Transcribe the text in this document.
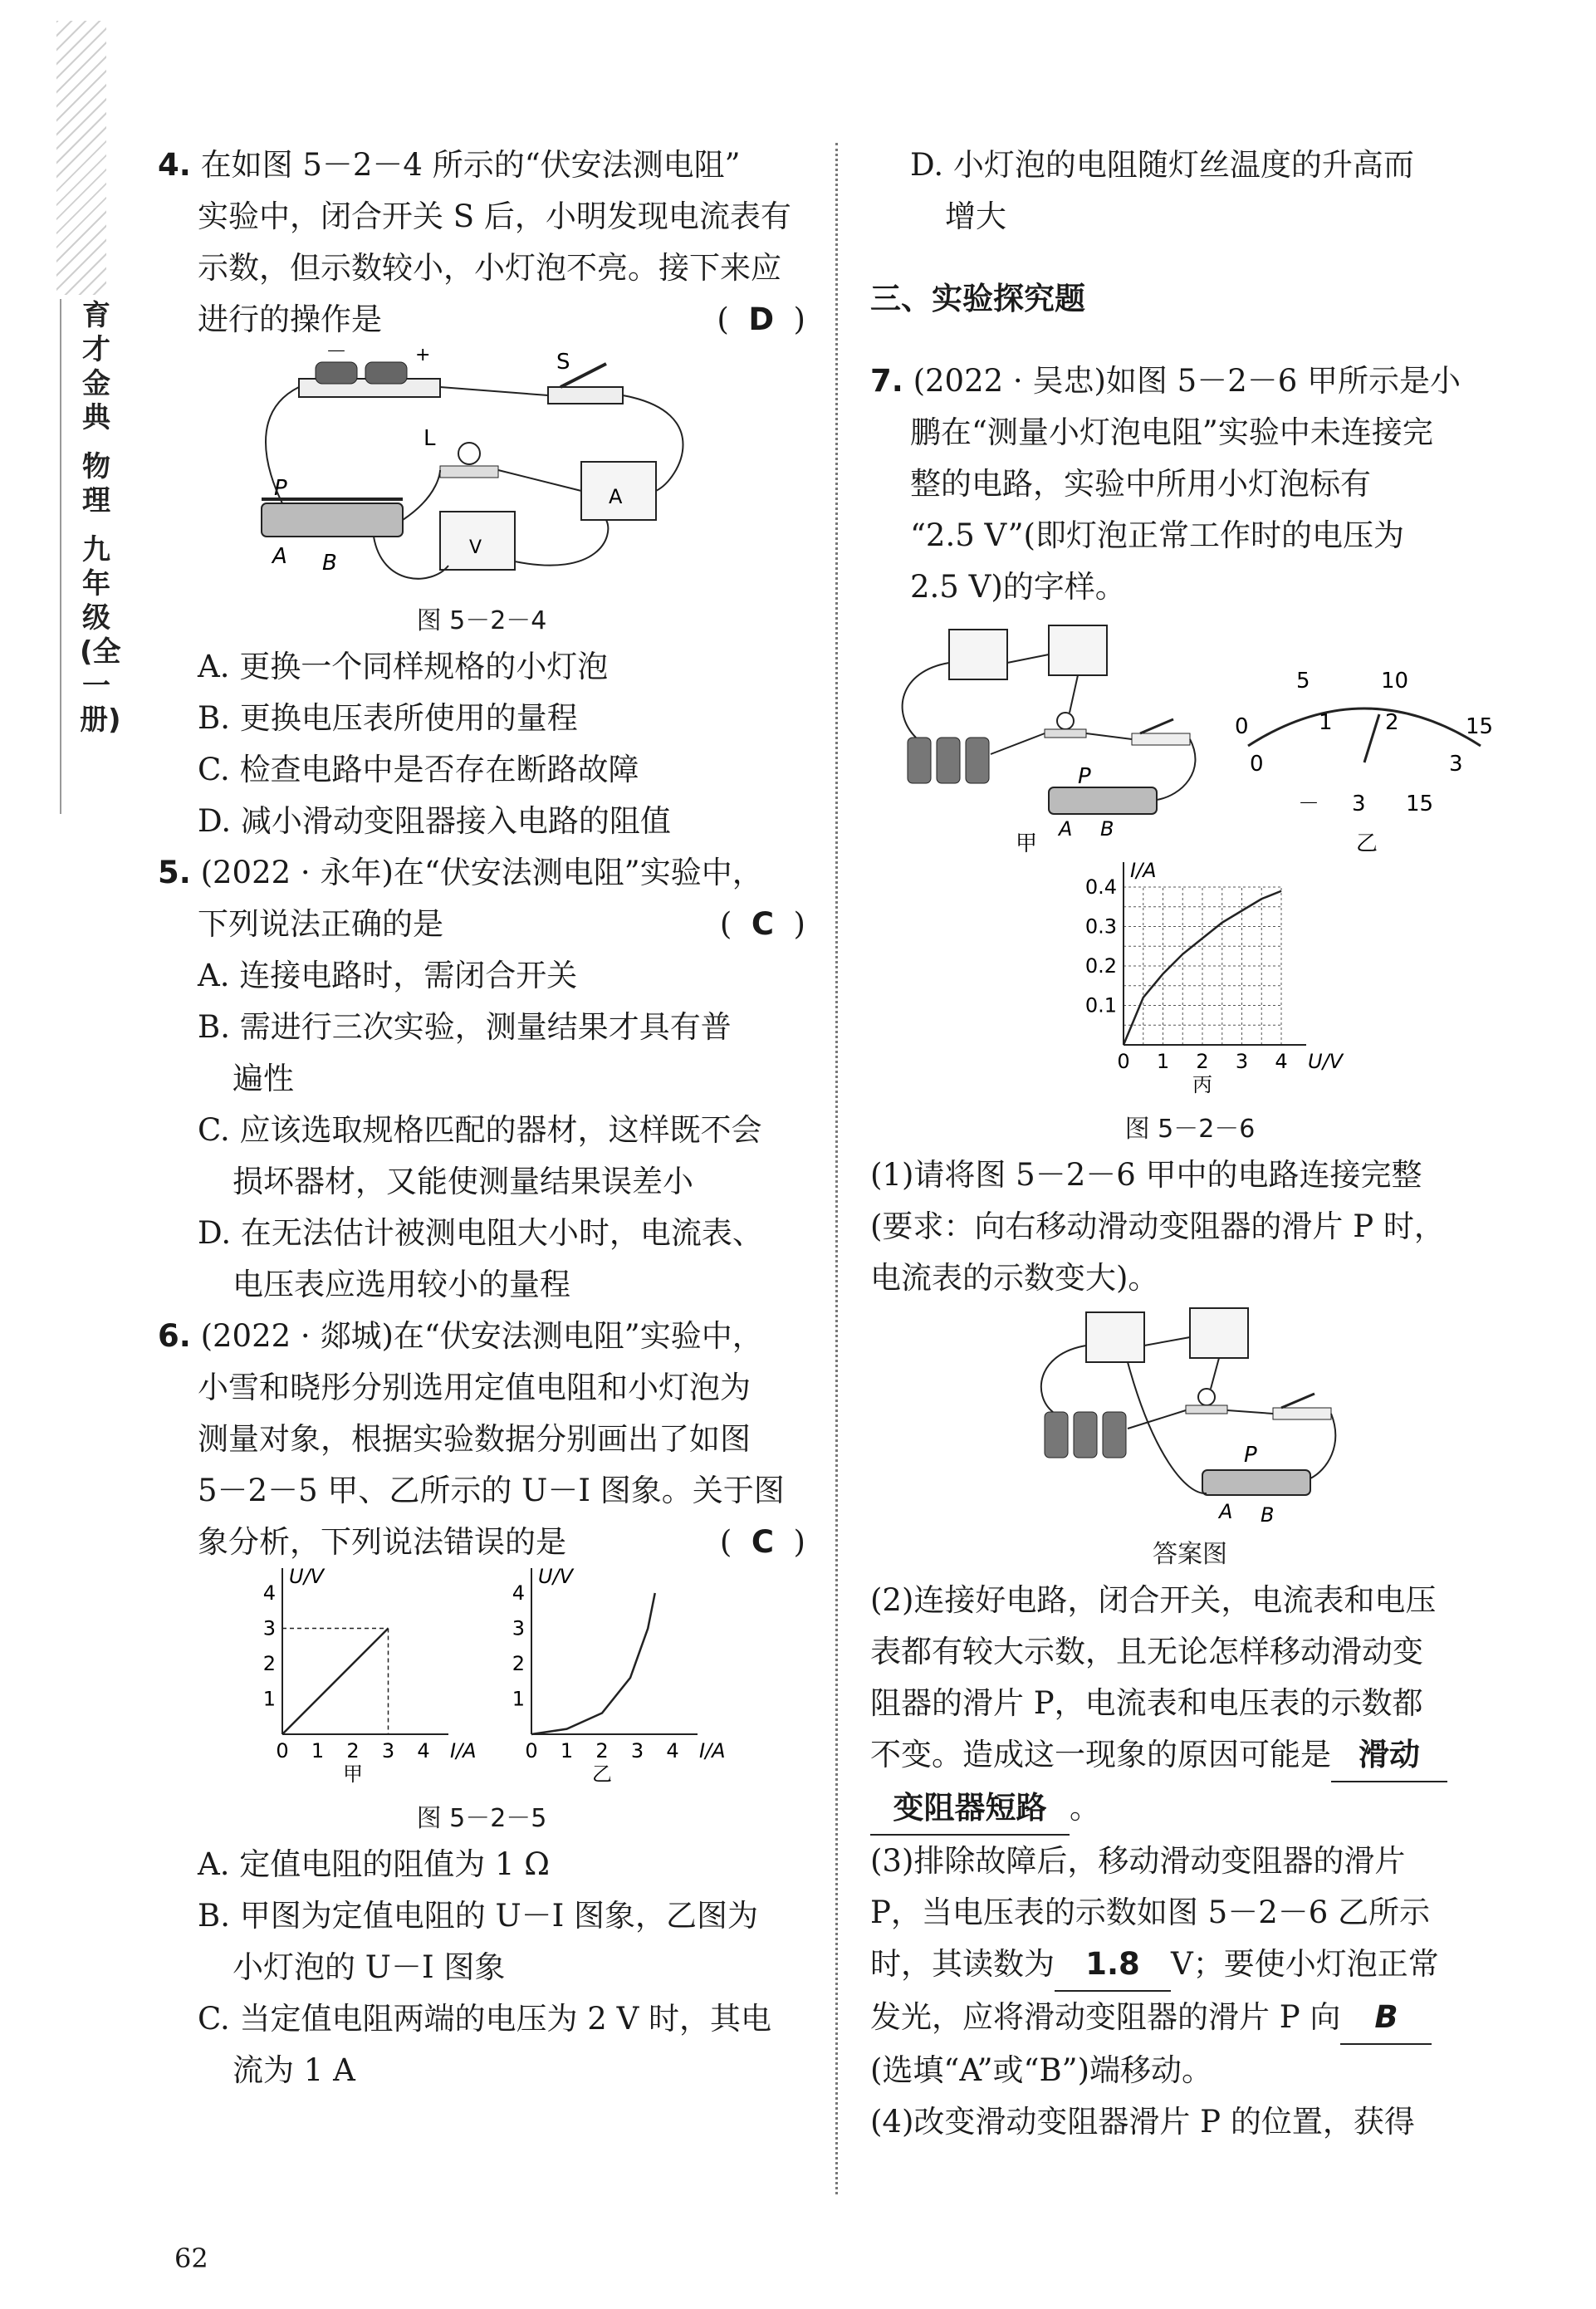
育
才
金
典
物
理
九
年
级
(全
一
册)

4. 在如图 5－2－4 所示的“伏安法测电阻”

实验中，闭合开关 S 后，小明发现电流表有

示数，但示数较小，小灯泡不亮。接下来应

进行的操作是	(  D  )

－	+	S
L
P
A B
A
V

图 5－2－4

A. 更换一个同样规格的小灯泡

B. 更换电压表所使用的量程

C. 检查电路中是否存在断路故障

D. 减小滑动变阻器接入电路的阻值

5. (2022 · 永年)在“伏安法测电阻”实验中，

下列说法正确的是	(  C  )

A. 连接电路时，需闭合开关

B. 需进行三次实验，测量结果才具有普

遍性

C. 应该选取规格匹配的器材，这样既不会

损坏器材，又能使测量结果误差小

D. 在无法估计被测电阻大小时，电流表、

电压表应选用较小的量程

6. (2022 · 郯城)在“伏安法测电阻”实验中，

小雪和晓彤分别选用定值电阻和小灯泡为

测量对象，根据实验数据分别画出了如图

5－2－5 甲、乙所示的 U－I 图象。关于图

象分析，下列说法错误的是	(  C  )

4
3
2
1
0 1 2 3 4
U/V
I/A
甲
4
3
2
1
0 1 2 3 4
U/V
I/A
乙

图 5－2－5

A. 定值电阻的阻值为 1 Ω

B. 甲图为定值电阻的 U－I 图象，乙图为

小灯泡的 U－I 图象

C. 当定值电阻两端的电压为 2 V 时，其电

流为 1 A

D. 小灯泡的电阻随灯丝温度的升高而

增大

三、实验探究题

7. (2022 · 吴忠)如图 5－2－6 甲所示是小

鹏在“测量小灯泡电阻”实验中未连接完

整的电路，实验中所用小灯泡标有

“2.5 V”(即灯泡正常工作时的电压为

2.5 V)的字样。

P
A B
甲
5	10
0	15
0
1 2
3
－ 3 15
乙
0.4
0.3
0.2
0.1
0 1 2 3 4
I/A
U/V
丙

图 5－2－6

(1)请将图 5－2－6 甲中的电路连接完整

(要求：向右移动滑动变阻器的滑片 P 时，

电流表的示数变大)。

P
A B

答案图

(2)连接好电路，闭合开关，电流表和电压

表都有较大示数，且无论怎样移动滑动变

阻器的滑片 P，电流表和电压表的示数都

不变。造成这一现象的原因可能是 滑动

变阻器短路 。

(3)排除故障后，移动滑动变阻器的滑片

P，当电压表的示数如图 5－2－6 乙所示

时，其读数为 1.8 V；要使小灯泡正常

发光，应将滑动变阻器的滑片 P 向 B

(选填“A”或“B”)端移动。

(4)改变滑动变阻器滑片 P 的位置，获得

62
